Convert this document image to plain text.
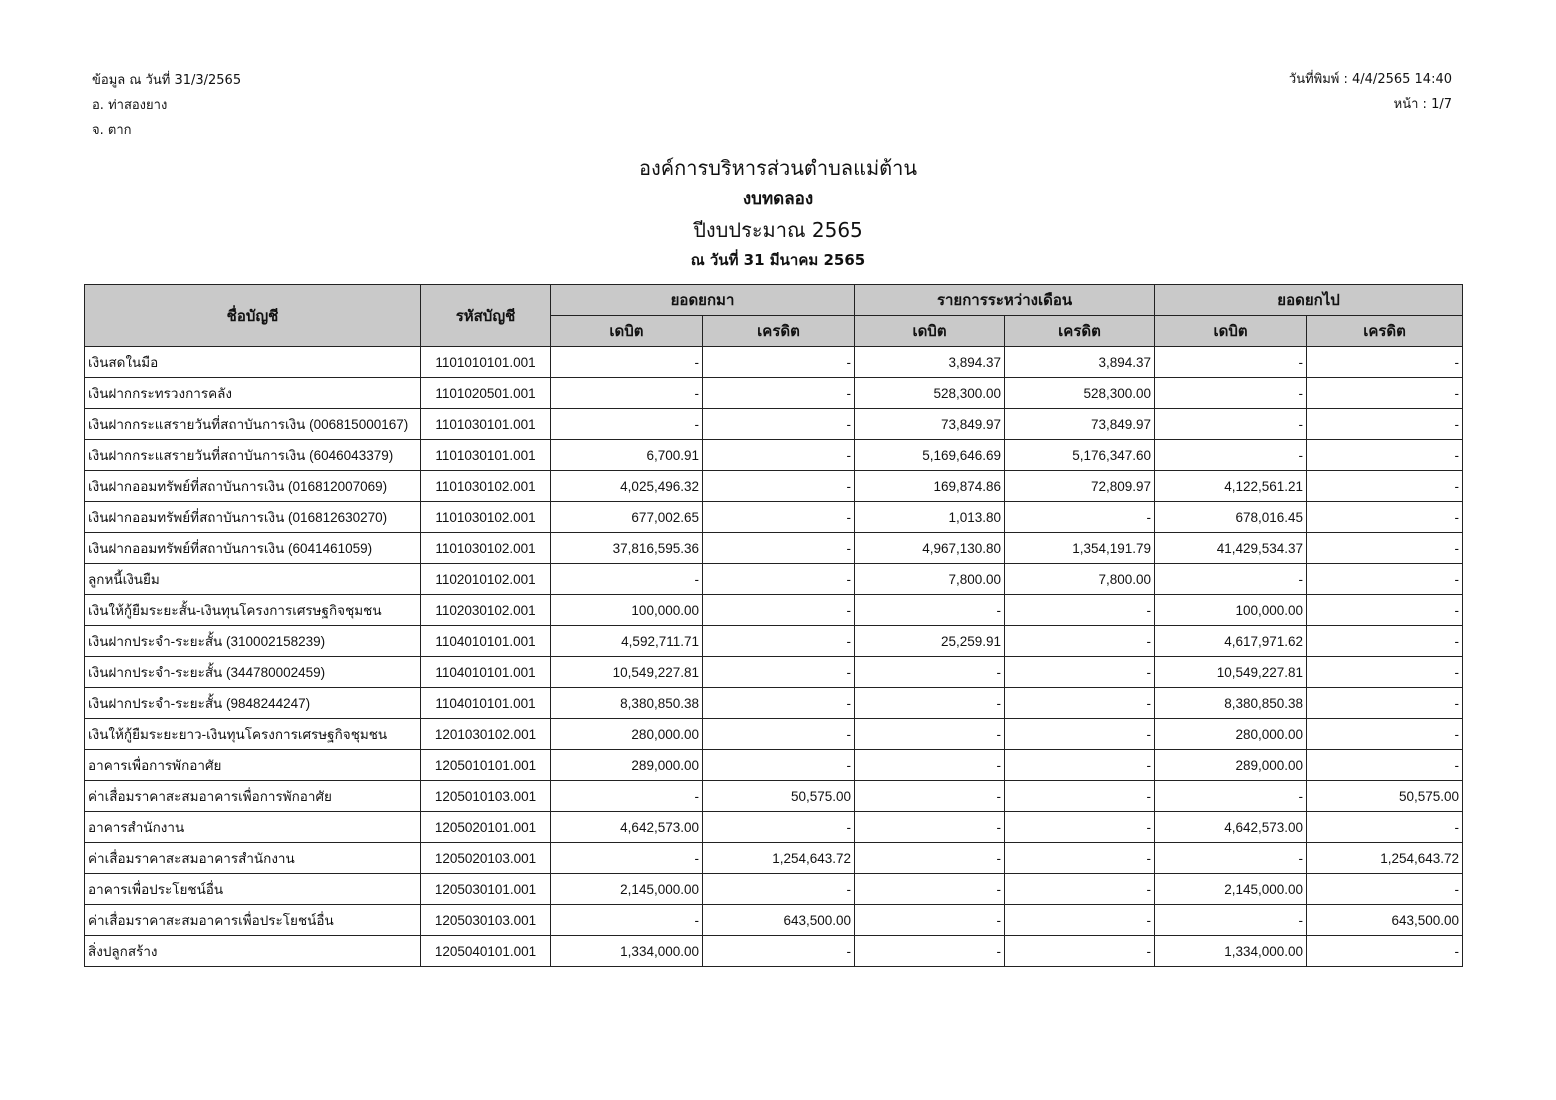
ข้อมูล ณ วันที่ 31/3/2565
อ. ท่าสองยาง
จ. ตาก
วันที่พิมพ์ : 4/4/2565 14:40
หน้า : 1/7
องค์การบริหารส่วนตำบลแม่ต้าน
งบทดลอง
ปีงบประมาณ 2565
ณ วันที่ 31 มีนาคม 2565
ชื่อบัญชี	รหัสบัญชี	ยอดยกมา		รายการระหว่างเดือน		ยอดยกไป	
		เดบิต	เครดิต	เดบิต	เครดิต	เดบิต	เครดิต
เงินสดในมือ	1101010101.001	-	-	3,894.37	3,894.37	-	-
เงินฝากกระทรวงการคลัง	1101020501.001	-	-	528,300.00	528,300.00	-	-
เงินฝากกระแสรายวันที่สถาบันการเงิน (006815000167)	1101030101.001	-	-	73,849.97	73,849.97	-	-
เงินฝากกระแสรายวันที่สถาบันการเงิน (6046043379)	1101030101.001	6,700.91	-	5,169,646.69	5,176,347.60	-	-
เงินฝากออมทรัพย์ที่สถาบันการเงิน (016812007069)	1101030102.001	4,025,496.32	-	169,874.86	72,809.97	4,122,561.21	-
เงินฝากออมทรัพย์ที่สถาบันการเงิน (016812630270)	1101030102.001	677,002.65	-	1,013.80	-	678,016.45	-
เงินฝากออมทรัพย์ที่สถาบันการเงิน (6041461059)	1101030102.001	37,816,595.36	-	4,967,130.80	1,354,191.79	41,429,534.37	-
ลูกหนี้เงินยืม	1102010102.001	-	-	7,800.00	7,800.00	-	-
เงินให้กู้ยืมระยะสั้น-เงินทุนโครงการเศรษฐกิจชุมชน	1102030102.001	100,000.00	-	-	-	100,000.00	-
เงินฝากประจำ-ระยะสั้น (310002158239)	1104010101.001	4,592,711.71	-	25,259.91	-	4,617,971.62	-
เงินฝากประจำ-ระยะสั้น (344780002459)	1104010101.001	10,549,227.81	-	-	-	10,549,227.81	-
เงินฝากประจำ-ระยะสั้น (9848244247)	1104010101.001	8,380,850.38	-	-	-	8,380,850.38	-
เงินให้กู้ยืมระยะยาว-เงินทุนโครงการเศรษฐกิจชุมชน	1201030102.001	280,000.00	-	-	-	280,000.00	-
อาคารเพื่อการพักอาศัย	1205010101.001	289,000.00	-	-	-	289,000.00	-
ค่าเสื่อมราคาสะสมอาคารเพื่อการพักอาศัย	1205010103.001	-	50,575.00	-	-	-	50,575.00
อาคารสำนักงาน	1205020101.001	4,642,573.00	-	-	-	4,642,573.00	-
ค่าเสื่อมราคาสะสมอาคารสำนักงาน	1205020103.001	-	1,254,643.72	-	-	-	1,254,643.72
อาคารเพื่อประโยชน์อื่น	1205030101.001	2,145,000.00	-	-	-	2,145,000.00	-
ค่าเสื่อมราคาสะสมอาคารเพื่อประโยชน์อื่น	1205030103.001	-	643,500.00	-	-	-	643,500.00
สิ่งปลูกสร้าง	1205040101.001	1,334,000.00	-	-	-	1,334,000.00	-
